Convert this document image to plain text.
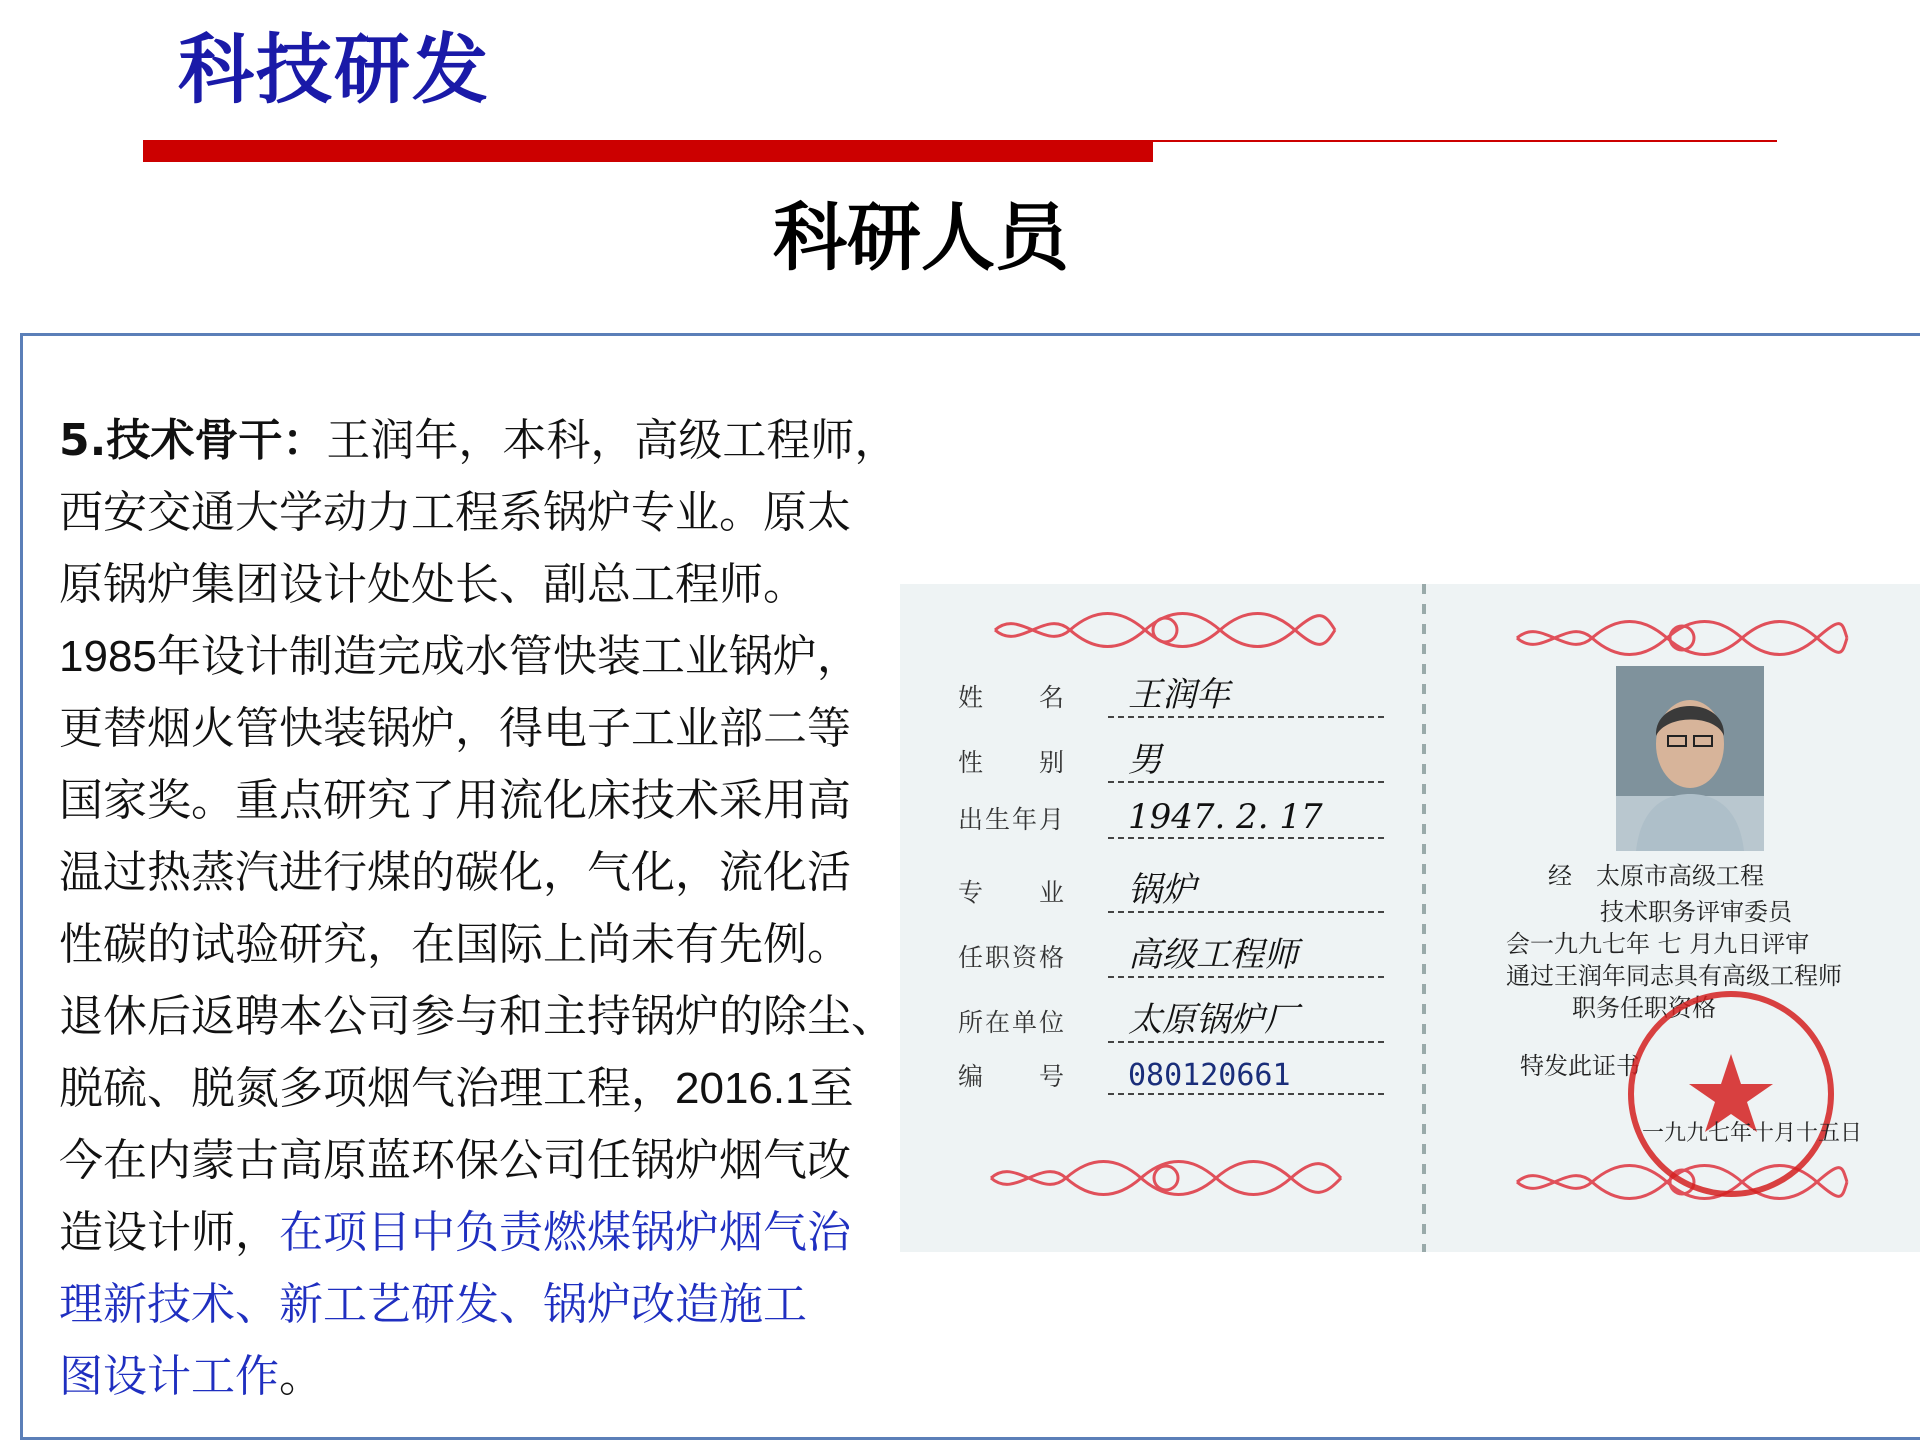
科技研发
科研人员
5.技术骨干：王润年，本科，高级工程师，
西安交通大学动力工程系锅炉专业。原太
原锅炉集团设计处处长、副总工程师。
1985年设计制造完成水管快装工业锅炉，
更替烟火管快装锅炉，得电子工业部二等
国家奖。重点研究了用流化床技术采用高
温过热蒸汽进行煤的碳化，气化，流化活
性碳的试验研究，在国际上尚未有先例。
退休后返聘本公司参与和主持锅炉的除尘、
脱硫、脱氮多项烟气治理工程，2016.1至
今在内蒙古高原蓝环保公司任锅炉烟气改
造设计师，在项目中负责燃煤锅炉烟气治
理新技术、新工艺研发、锅炉改造施工
图设计工作。
姓　　名 王润年
性　　别 男
出生年月 1947. 2. 17
专　　业 锅炉
任职资格 高级工程师
所在单位 太原锅炉厂
编　　号 080120661
经　太原市高级工程
技术职务评审委员
会一九九七年 七 月九日评审
通过王润年同志具有高级工程师
职务任职资格
特发此证书
一九九七年十月十五日
